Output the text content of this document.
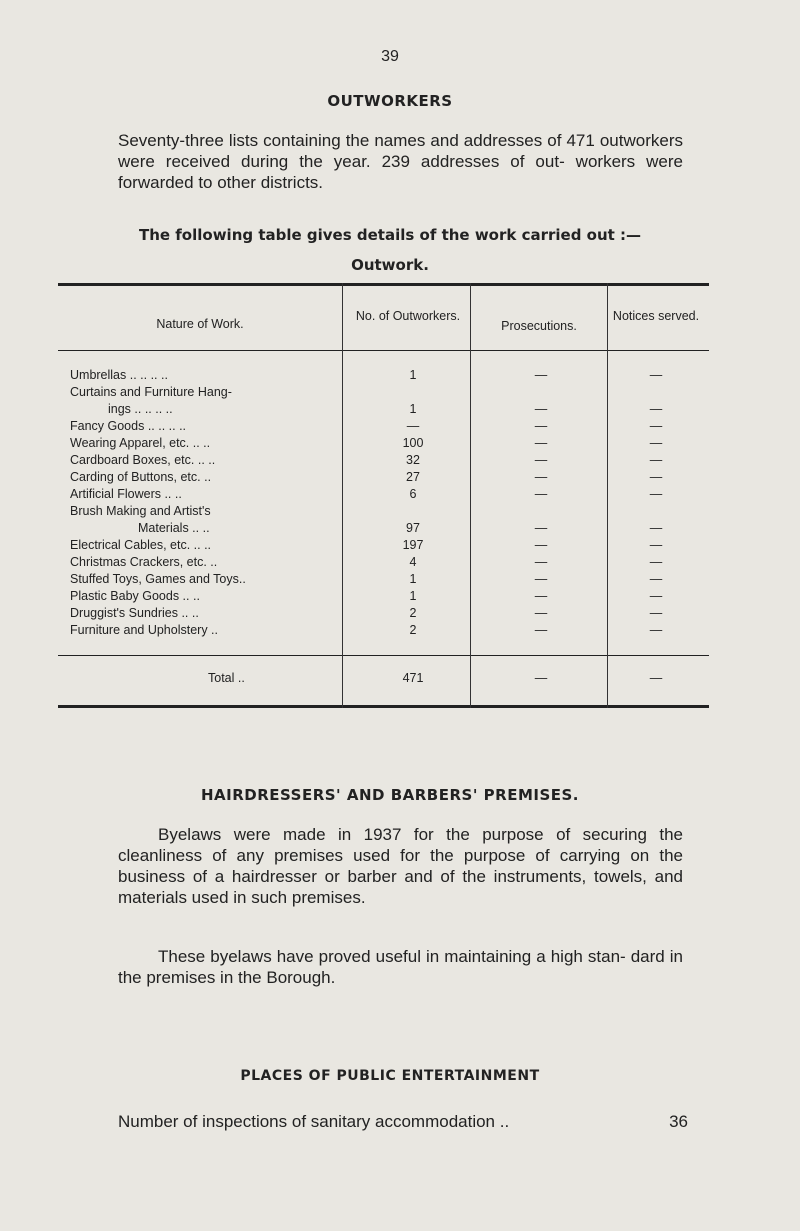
39
OUTWORKERS
Seventy-three lists containing the names and addresses of 471 outworkers were received during the year. 239 addresses of out- workers were forwarded to other districts.
The following table gives details of the work carried out :—
Outwork.
Nature of Work.
No. of Outworkers.
Prosecutions.
Notices served.
Umbrellas .. .. .. ..	1	—	—
Curtains and Furniture Hang-
ings .. .. .. ..	1	—	—
Fancy Goods .. .. .. ..	—	—	—
Wearing Apparel, etc. .. ..	100	—	—
Cardboard Boxes, etc. .. ..	32	—	—
Carding of Buttons, etc. ..	27	—	—
Artificial Flowers .. ..	6	—	—
Brush Making and Artist's
Materials .. ..	97	—	—
Electrical Cables, etc. .. ..	197	—	—
Christmas Crackers, etc. ..	4	—	—
Stuffed Toys, Games and Toys..	1	—	—
Plastic Baby Goods .. ..	1	—	—
Druggist's Sundries .. ..	2	—	—
Furniture and Upholstery ..	2	—	—
Total ..	471	—	—
HAIRDRESSERS' AND BARBERS' PREMISES.
Byelaws were made in 1937 for the purpose of securing the cleanliness of any premises used for the purpose of carrying on the business of a hairdresser or barber and of the instruments, towels, and materials used in such premises.
These byelaws have proved useful in maintaining a high stan- dard in the premises in the Borough.
PLACES OF PUBLIC ENTERTAINMENT
Number of inspections of sanitary accommodation ..	36
